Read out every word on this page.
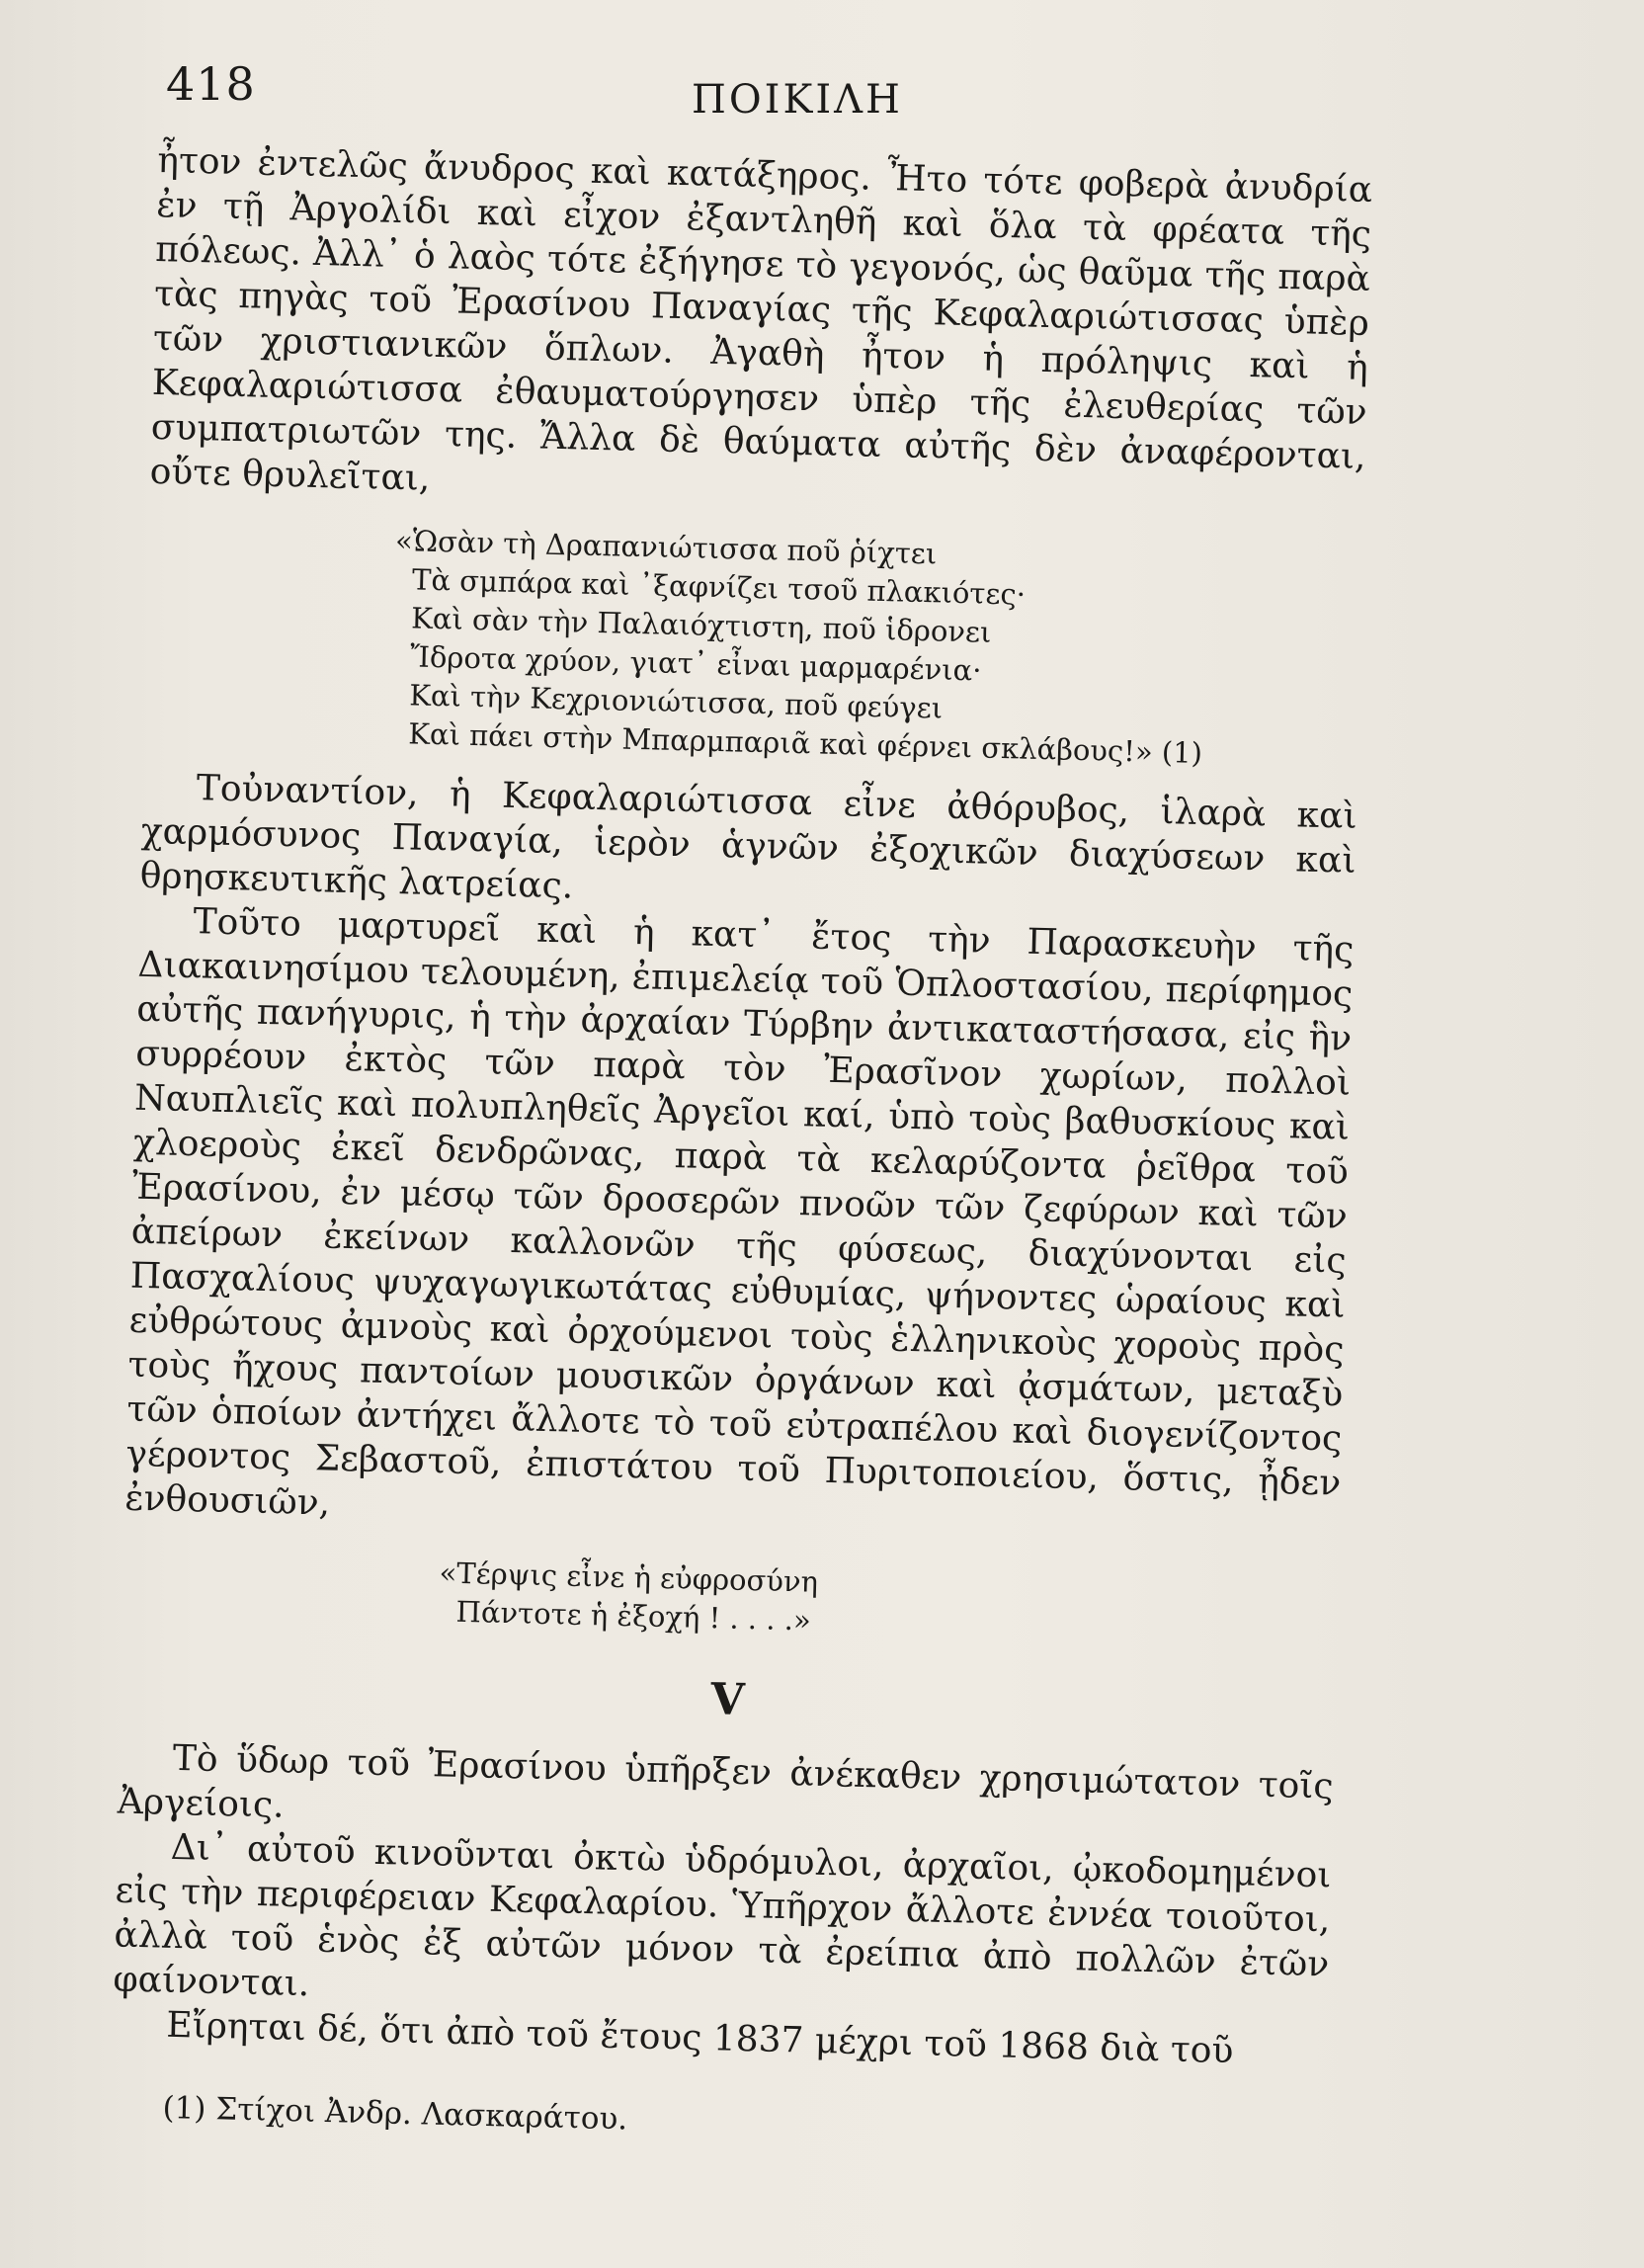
418	ΠΟΙΚΙΛΗ

ἦτον ἐντελῶς ἄνυδρος καὶ κατάξηρος. Ἦτο τότε φοβερὰ ἀνυδρία ἐν τῇ Ἀργολίδι καὶ εἶχον ἐξαντληθῆ καὶ ὅλα τὰ φρέατα τῆς πόλεως. Ἀλλ᾽ ὁ λαὸς τότε ἐξήγησε τὸ γεγονός, ὡς θαῦμα τῆς παρὰ τὰς πηγὰς τοῦ Ἐρασίνου Παναγίας τῆς Κεφαλαριώτισσας ὑπὲρ τῶν χριστιανικῶν ὅπλων. Ἀγαθὴ ἦτον ἡ πρόληψις καὶ ἡ Κεφαλαριώτισσα ἐθαυματούργησεν ὑπὲρ τῆς ἐλευθερίας τῶν συμπατριωτῶν της. Ἄλλα δὲ θαύματα αὐτῆς δὲν ἀναφέρονται, οὔτε θρυλεῖται,

«Ὡσὰν τὴ Δραπανιώτισσα ποῦ ῥίχτει
Τὰ σμπάρα καὶ ᾽ξαφνίζει τσοῦ πλακιότες·
Καὶ σὰν τὴν Παλαιόχτιστη, ποῦ ἱδρονει
Ἴδροτα χρύον, γιατ᾽ εἶναι μαρμαρένια·
Καὶ τὴν Κεχριονιώτισσα, ποῦ φεύγει
Καὶ πάει στὴν Μπαρμπαριᾶ καὶ φέρνει σκλάβους!» (1)

Τοὐναντίον, ἡ Κεφαλαριώτισσα εἶνε ἀθόρυβος, ἱλαρὰ καὶ χαρμόσυνος Παναγία, ἱερὸν ἁγνῶν ἐξοχικῶν διαχύσεων καὶ θρησκευτικῆς λατρείας.

Τοῦτο μαρτυρεῖ καὶ ἡ κατ᾽ ἔτος τὴν Παρασκευὴν τῆς Διακαινησίμου τελουμένη, ἐπιμελείᾳ τοῦ Ὁπλοστασίου, περίφημος αὐτῆς πανήγυρις, ἡ τὴν ἀρχαίαν Τύρβην ἀντικαταστήσασα, εἰς ἣν συρρέουν ἐκτὸς τῶν παρὰ τὸν Ἐρασῖνον χωρίων, πολλοὶ Ναυπλιεῖς καὶ πολυπληθεῖς Ἀργεῖοι καί, ὑπὸ τοὺς βαθυσκίους καὶ χλοεροὺς ἐκεῖ δενδρῶνας, παρὰ τὰ κελαρύζοντα ῥεῖθρα τοῦ Ἐρασίνου, ἐν μέσῳ τῶν δροσερῶν πνοῶν τῶν ζεφύρων καὶ τῶν ἀπείρων ἐκείνων καλλονῶν τῆς φύσεως, διαχύνονται εἰς Πασχαλίους ψυχαγωγικωτάτας εὐθυμίας, ψήνοντες ὡραίους καὶ εὐθρώτους ἀμνοὺς καὶ ὀρχούμενοι τοὺς ἑλληνικοὺς χοροὺς πρὸς τοὺς ἤχους παντοίων μουσικῶν ὀργάνων καὶ ᾀσμάτων, μεταξὺ τῶν ὁποίων ἀντήχει ἄλλοτε τὸ τοῦ εὐτραπέλου καὶ διογενίζοντος γέροντος Σεβαστοῦ, ἐπιστάτου τοῦ Πυριτοποιείου, ὅστις, ᾖδεν ἐνθουσιῶν,

«Τέρψις εἶνε ἡ εὐφροσύνη
Πάντοτε ἡ ἐξοχή ! . . . .»
V

Τὸ ὕδωρ τοῦ Ἐρασίνου ὑπῆρξεν ἀνέκαθεν χρησιμώτατον τοῖς Ἀργείοις.

Δι᾽ αὐτοῦ κινοῦνται ὀκτὼ ὑδρόμυλοι, ἀρχαῖοι, ᾠκοδομημένοι εἰς τὴν περιφέρειαν Κεφαλαρίου. Ὑπῆρχον ἄλλοτε ἐννέα τοιοῦτοι, ἀλλὰ τοῦ ἑνὸς ἐξ αὐτῶν μόνον τὰ ἐρείπια ἀπὸ πολλῶν ἐτῶν φαίνονται.

Εἴρηται δέ, ὅτι ἀπὸ τοῦ ἔτους 1837 μέχρι τοῦ 1868 διὰ τοῦ

(1) Στίχοι Ἀνδρ. Λασκαράτου.
